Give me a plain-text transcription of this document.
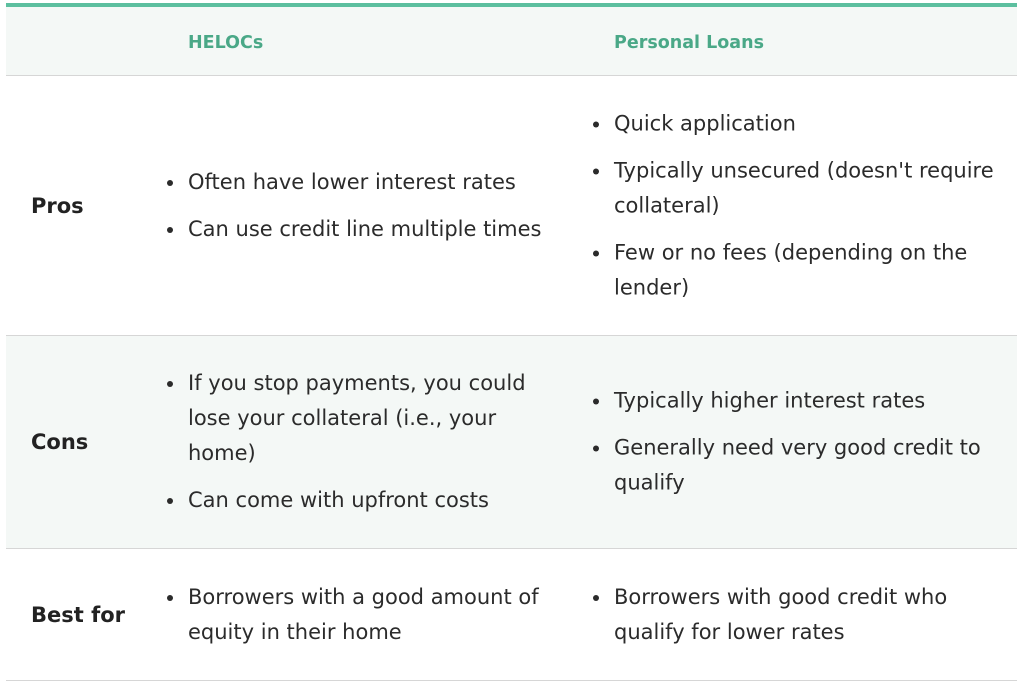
HELOCs	Personal Loans
Pros
Often have lower interest rates
Can use credit line multiple times
Quick application
Typically unsecured (doesn't require collateral)
Few or no fees (depending on the lender)
Cons
If you stop payments, you could lose your collateral (i.e., your home)
Can come with upfront costs
Typically higher interest rates
Generally need very good credit to qualify
Best for
Borrowers with a good amount of equity in their home
Borrowers with good credit who qualify for lower rates
